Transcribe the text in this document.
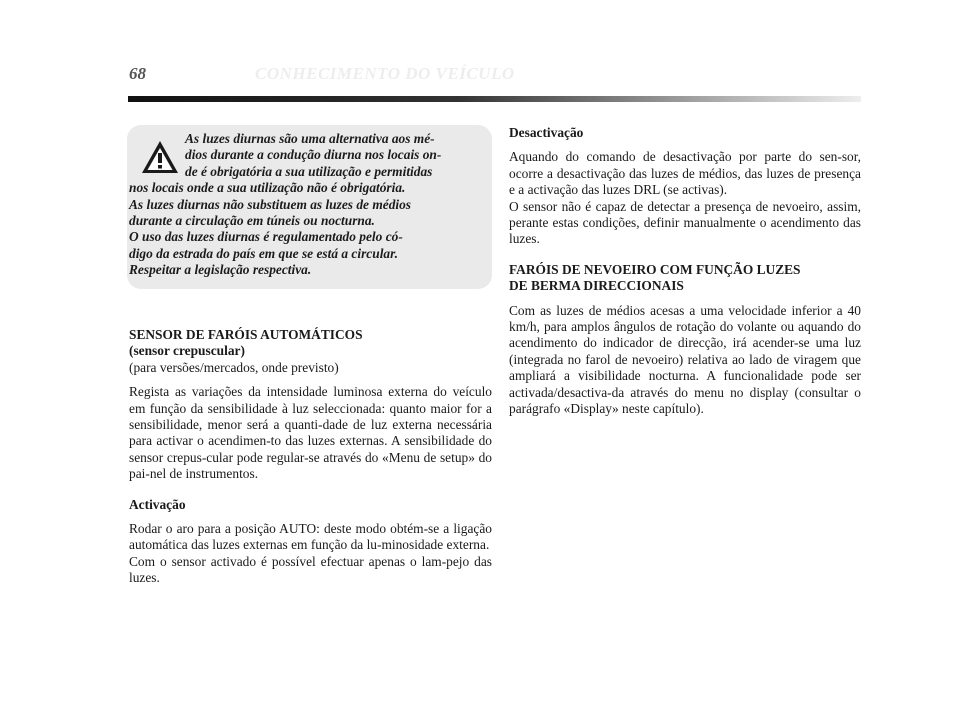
68	CONHECIMENTO DO VEÍCULO
As luzes diurnas são uma alternativa aos mé-
dios durante a condução diurna nos locais on-
de é obrigatória a sua utilização e permitidas
nos locais onde a sua utilização não é obrigatória.
As luzes diurnas não substituem as luzes de médios
durante a circulação em túneis ou nocturna.
O uso das luzes diurnas é regulamentado pelo có-
digo da estrada do país em que se está a circular.
Respeitar a legislação respectiva.
SENSOR DE FARÓIS AUTOMÁTICOS
(sensor crepuscular)

(para versões/mercados, onde previsto)

Regista as variações da intensidade luminosa externa do veículo em função da sensibilidade à luz seleccionada: quanto maior for a sensibilidade, menor será a quanti-dade de luz externa necessária para activar o acendimen-to das luzes externas. A sensibilidade do sensor crepus-cular pode regular-se através do «Menu de setup» do pai-nel de instrumentos.

Activação

Rodar o aro para a posição AUTO: deste modo obtém-se a ligação automática das luzes externas em função da lu-minosidade externa.

Com o sensor activado é possível efectuar apenas o lam-pejo das luzes.

Desactivação

Aquando do comando de desactivação por parte do sen-sor, ocorre a desactivação das luzes de médios, das luzes de presença e a activação das luzes DRL (se activas).

O sensor não é capaz de detectar a presença de nevoeiro, assim, perante estas condições, definir manualmente o acendimento das luzes.

FARÓIS DE NEVOEIRO COM FUNÇÃO LUZES
DE BERMA DIRECCIONAIS

Com as luzes de médios acesas a uma velocidade inferior a 40 km/h, para amplos ângulos de rotação do volante ou aquando do acendimento do indicador de direcção, irá acender-se uma luz (integrada no farol de nevoeiro) relativa ao lado de viragem que ampliará a visibilidade nocturna. A funcionalidade pode ser activada/desactiva-da através do menu no display (consultar o parágrafo «Display» neste capítulo).
